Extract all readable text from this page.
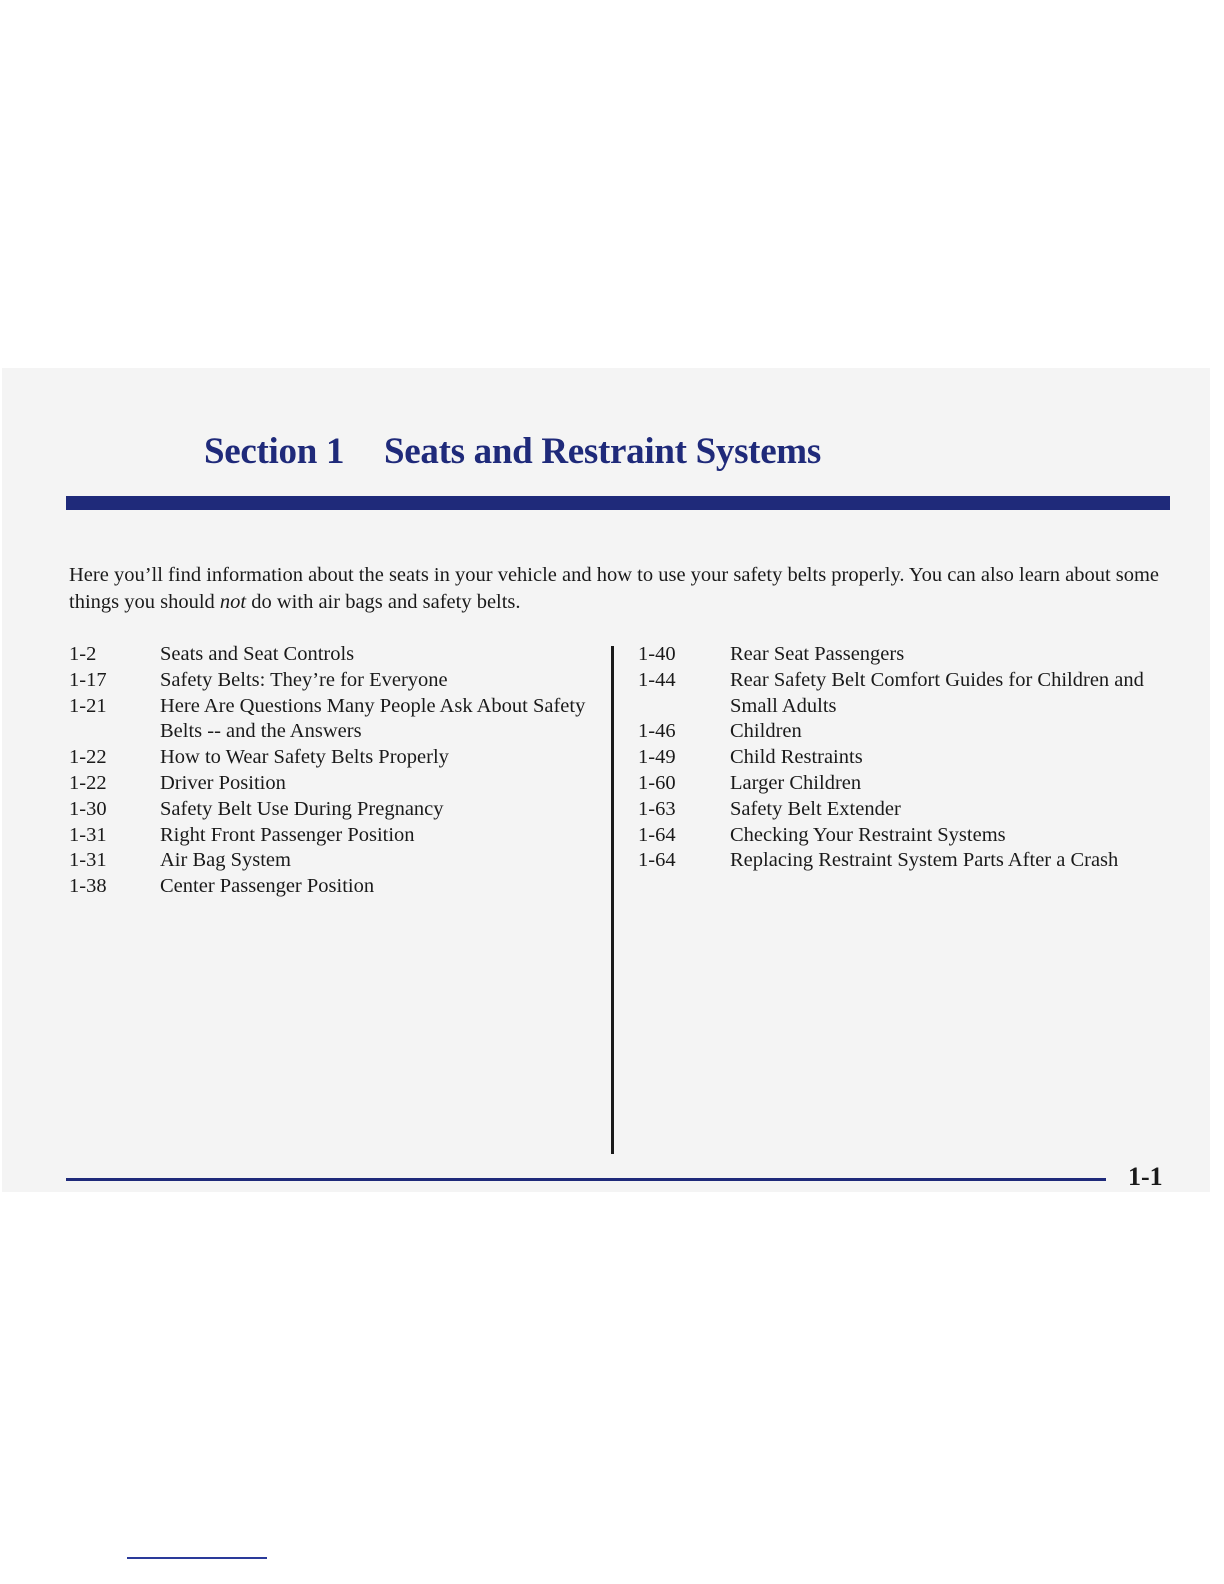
Section 1 Seats and Restraint Systems

Here you’ll find information about the seats in your vehicle and how to use your safety belts properly. You can also learn about some things you should not do with air bags and safety belts.

1-2	Seats and Seat Controls
1-17	Safety Belts: They’re for Everyone
1-21	Here Are Questions Many People Ask About Safety Belts -- and the Answers
1-22	How to Wear Safety Belts Properly
1-22	Driver Position
1-30	Safety Belt Use During Pregnancy
1-31	Right Front Passenger Position
1-31	Air Bag System
1-38	Center Passenger Position
1-40	Rear Seat Passengers
1-44	Rear Safety Belt Comfort Guides for Children and Small Adults
1-46	Children
1-49	Child Restraints
1-60	Larger Children
1-63	Safety Belt Extender
1-64	Checking Your Restraint Systems
1-64	Replacing Restraint System Parts After a Crash

1-1
